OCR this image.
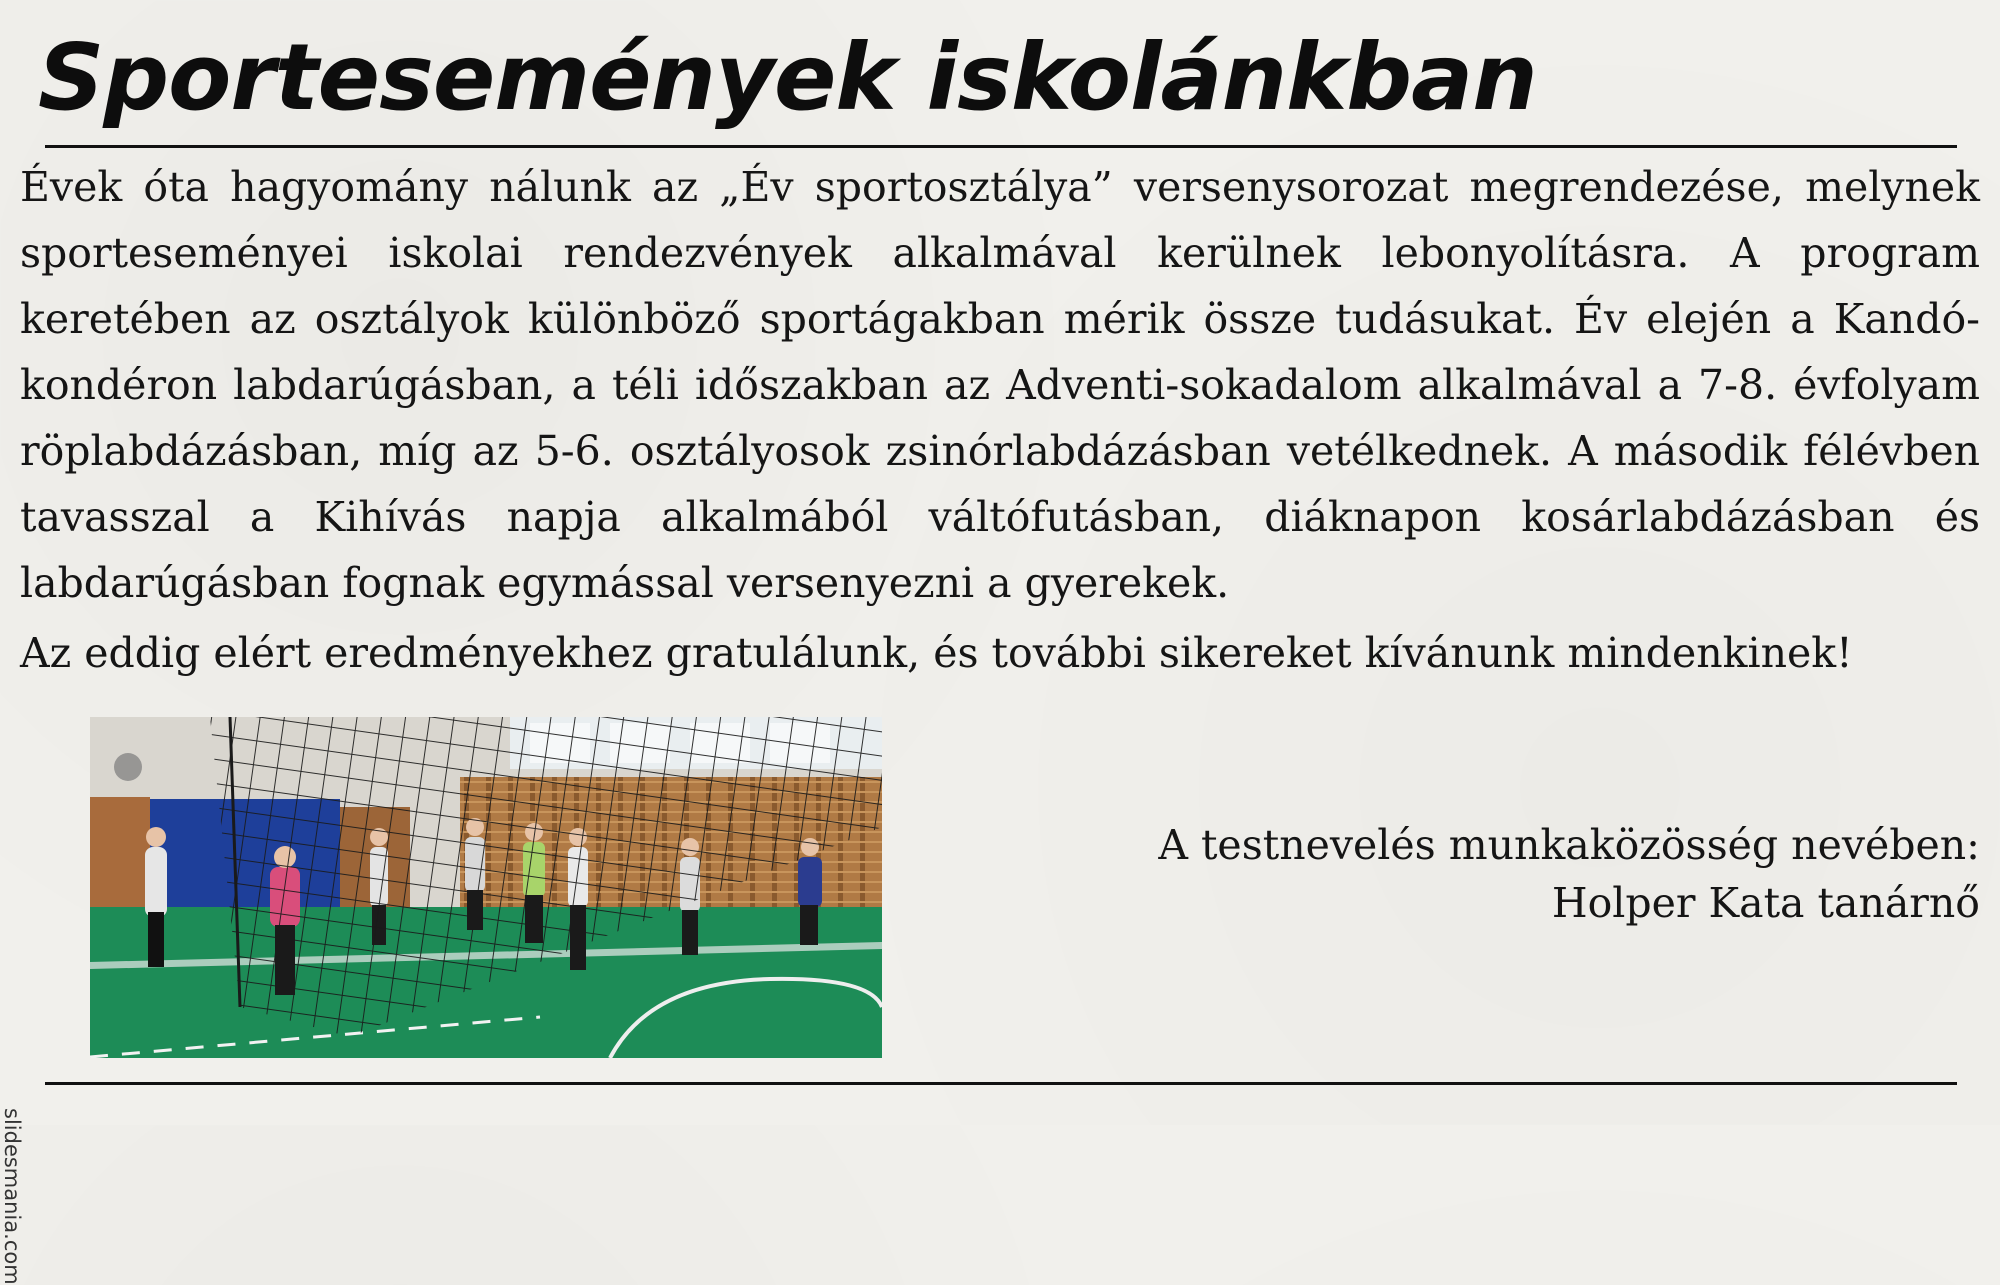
Sportesemények iskolánkban

Évek óta hagyomány nálunk az „Év sportosztálya” versenysorozat megrendezése, melynek sporteseményei iskolai rendezvények alkalmával kerülnek lebonyolításra. A program keretében az osztályok különböző sportágakban mérik össze tudásukat. Év elején a Kandó-kondéron labdarúgásban, a téli időszakban az Adventi-sokadalom alkalmával a 7-8. évfolyam röplabdázásban, míg az 5-6. osztályosok zsinórlabdázásban vetélkednek. A második félévben tavasszal a Kihívás napja alkalmából váltófutásban, diáknapon kosárlabdázásban és labdarúgásban fognak egymással versenyezni a gyerekek.

Az eddig elért eredményekhez gratulálunk, és további sikereket kívánunk mindenkinek!

A testnevelés munkaközösség nevében:
Holper Kata tanárnő
slidesmania.com
